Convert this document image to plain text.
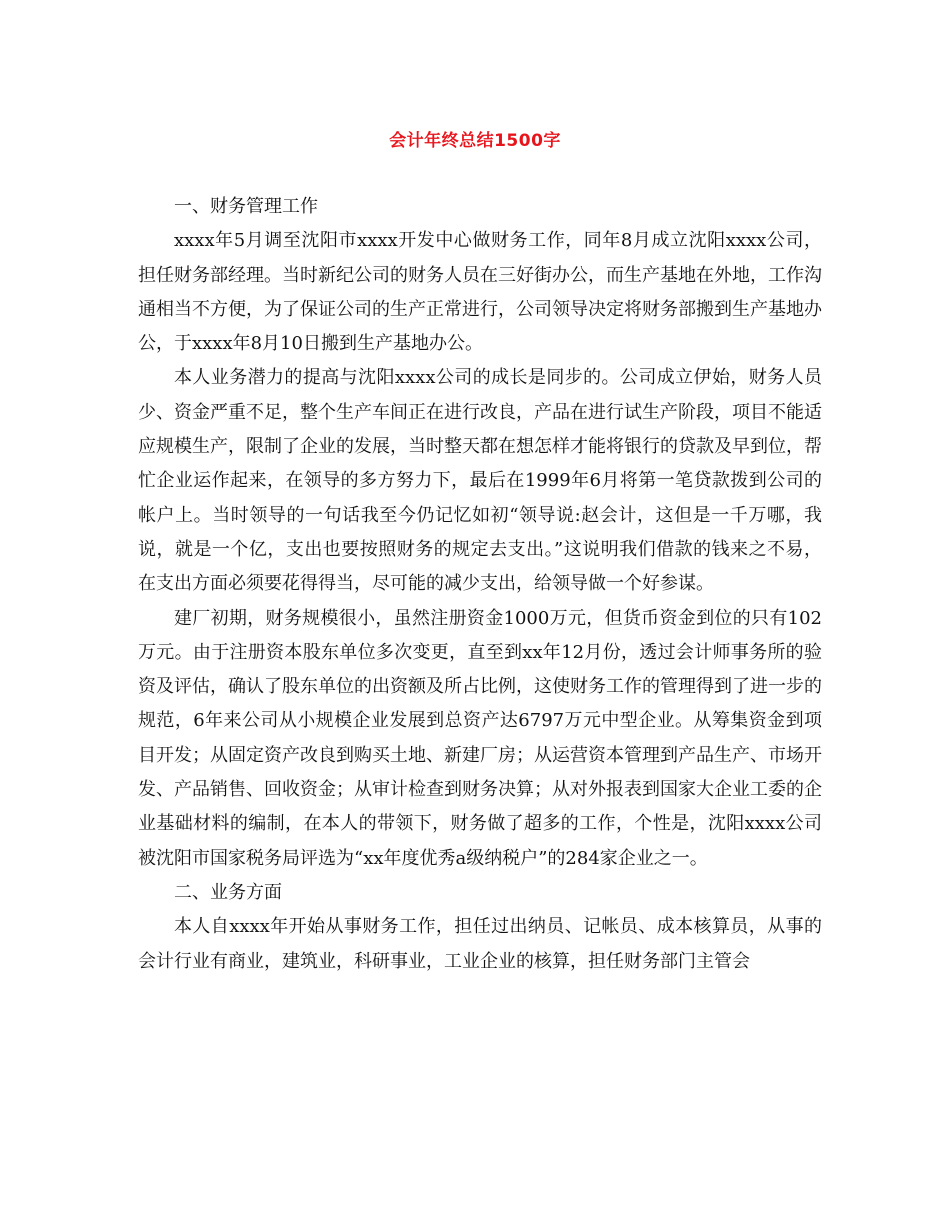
会计年终总结1500字

一、财务管理工作

xxxx年5月调至沈阳市xxxx开发中心做财务工作，同年8月成立沈阳xxxx公司，担任财务部经理。当时新纪公司的财务人员在三好街办公，而生产基地在外地，工作沟通相当不方便，为了保证公司的生产正常进行，公司领导决定将财务部搬到生产基地办公，于xxxx年8月10日搬到生产基地办公。

本人业务潜力的提高与沈阳xxxx公司的成长是同步的。公司成立伊始，财务人员少、资金严重不足，整个生产车间正在进行改良，产品在进行试生产阶段，项目不能适应规模生产，限制了企业的发展，当时整天都在想怎样才能将银行的贷款及早到位，帮忙企业运作起来，在领导的多方努力下，最后在1999年6月将第一笔贷款拨到公司的帐户上。当时领导的一句话我至今仍记忆如初“领导说:赵会计，这但是一千万哪，我说，就是一个亿，支出也要按照财务的规定去支出。”这说明我们借款的钱来之不易，在支出方面必须要花得得当，尽可能的减少支出，给领导做一个好参谋。

建厂初期，财务规模很小，虽然注册资金1000万元，但货币资金到位的只有102万元。由于注册资本股东单位多次变更，直至到xx年12月份，透过会计师事务所的验资及评估，确认了股东单位的出资额及所占比例，这使财务工作的管理得到了进一步的规范，6年来公司从小规模企业发展到总资产达6797万元中型企业。从筹集资金到项目开发；从固定资产改良到购买土地、新建厂房；从运营资本管理到产品生产、市场开发、产品销售、回收资金；从审计检查到财务决算；从对外报表到国家大企业工委的企业基础材料的编制，在本人的带领下，财务做了超多的工作，个性是，沈阳xxxx公司被沈阳市国家税务局评选为“xx年度优秀a级纳税户”的284家企业之一。

二、业务方面

本人自xxxx年开始从事财务工作，担任过出纳员、记帐员、成本核算员，从事的会计行业有商业，建筑业，科研事业，工业企业的核算，担任财务部门主管会
